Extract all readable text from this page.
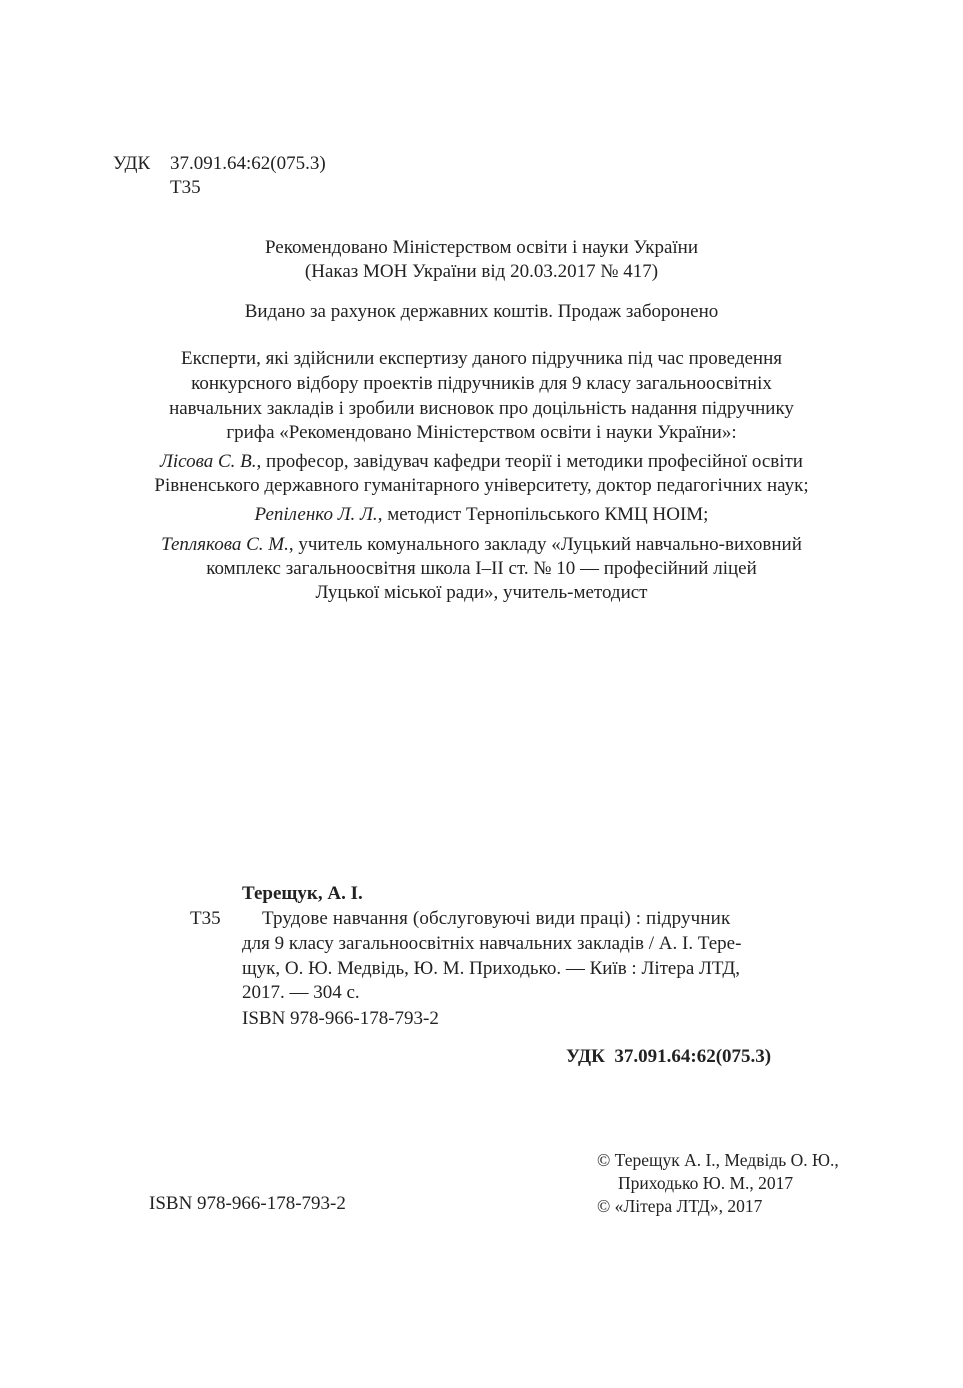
УДК 37.091.64:62(075.3)
Т35
Рекомендовано Міністерством освіти і науки України
(Наказ МОН України від 20.03.2017 № 417)
Видано за рахунок державних коштів. Продаж заборонено
Експерти, які здійснили експертизу даного підручника під час проведення
конкурсного відбору проектів підручників для 9 класу загальноосвітніх
навчальних закладів і зробили висновок про доцільність надання підручнику
грифа «Рекомендовано Міністерством освіти і науки України»:
Лісова С. В., професор, завідувач кафедри теорії і методики професійної освіти
Рівненського державного гуманітарного університету, доктор педагогічних наук;
Репіленко Л. Л., методист Тернопільського КМЦ НОІМ;
Теплякова С. М., учитель комунального закладу «Луцький навчально-виховний
комплекс загальноосвітня школа І–ІІ ст. № 10 — професійний ліцей
Луцької міської ради», учитель-методист
Терещук, А. І.
Т35 Трудове навчання (обслуговуючі види праці) : підручник
для 9 класу загальноосвітніх навчальних закладів / А. І. Тере-
щук, О. Ю. Медвідь, Ю. М. Приходько. — Київ : Літера ЛТД,
2017. — 304 с.
ISBN 978-966-178-793-2
УДК  37.091.64:62(075.3)
ISBN 978-966-178-793-2
© Терещук А. І., Медвідь О. Ю.,
Приходько Ю. М., 2017
© «Літера ЛТД», 2017
